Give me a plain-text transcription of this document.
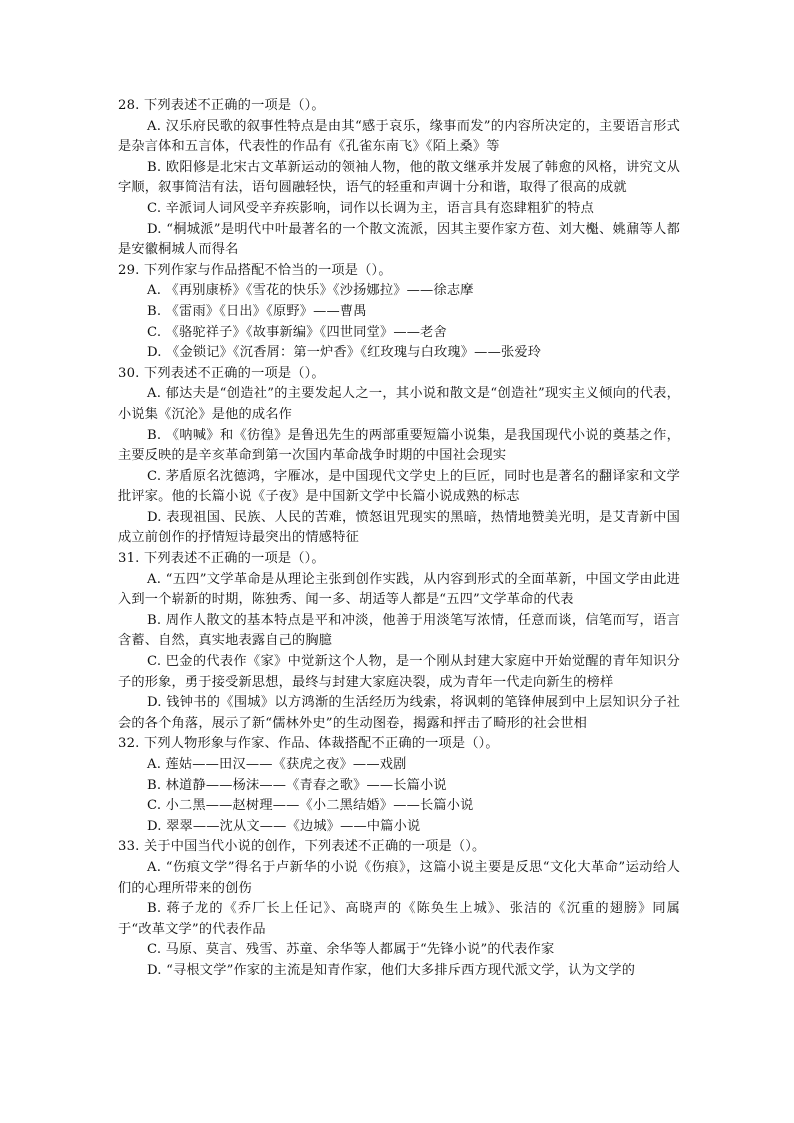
28. 下列表述不正确的一项是（）。

A. 汉乐府民歌的叙事性特点是由其“感于哀乐，缘事而发”的内容所决定的，主要语言形式是杂言体和五言体，代表性的作品有《孔雀东南飞》《陌上桑》等

B. 欧阳修是北宋古文革新运动的领袖人物，他的散文继承并发展了韩愈的风格，讲究文从字顺，叙事简洁有法，语句圆融轻快，语气的轻重和声调十分和谐，取得了很高的成就

C. 辛派词人词风受辛弃疾影响，词作以长调为主，语言具有恣肆粗犷的特点

D. “桐城派”是明代中叶最著名的一个散文流派，因其主要作家方苞、刘大櫆、姚鼐等人都是安徽桐城人而得名

29. 下列作家与作品搭配不恰当的一项是（）。

A. 《再别康桥》《雪花的快乐》《沙扬娜拉》——徐志摩

B. 《雷雨》《日出》《原野》——曹禺

C. 《骆驼祥子》《故事新编》《四世同堂》——老舍

D. 《金锁记》《沉香屑：第一炉香》《红玫瑰与白玫瑰》——张爱玲

30. 下列表述不正确的一项是（）。

A. 郁达夫是“创造社”的主要发起人之一，其小说和散文是“创造社”现实主义倾向的代表，小说集《沉沦》是他的成名作

B. 《呐喊》和《彷徨》是鲁迅先生的两部重要短篇小说集，是我国现代小说的奠基之作，主要反映的是辛亥革命到第一次国内革命战争时期的中国社会现实

C. 茅盾原名沈德鸿，字雁冰，是中国现代文学史上的巨匠，同时也是著名的翻译家和文学批评家。他的长篇小说《子夜》是中国新文学中长篇小说成熟的标志

D. 表现祖国、民族、人民的苦难，愤怒诅咒现实的黑暗，热情地赞美光明，是艾青新中国成立前创作的抒情短诗最突出的情感特征

31. 下列表述不正确的一项是（）。

A. “五四”文学革命是从理论主张到创作实践，从内容到形式的全面革新，中国文学由此进入到一个崭新的时期，陈独秀、闻一多、胡适等人都是“五四”文学革命的代表

B. 周作人散文的基本特点是平和冲淡，他善于用淡笔写浓情，任意而谈，信笔而写，语言含蓄、自然，真实地表露自己的胸臆

C. 巴金的代表作《家》中觉新这个人物，是一个刚从封建大家庭中开始觉醒的青年知识分子的形象，勇于接受新思想，最终与封建大家庭决裂，成为青年一代走向新生的榜样

D. 钱钟书的《围城》以方鸿渐的生活经历为线索，将讽刺的笔锋伸展到中上层知识分子社会的各个角落，展示了新“儒林外史”的生动图卷，揭露和抨击了畸形的社会世相

32. 下列人物形象与作家、作品、体裁搭配不正确的一项是（）。

A. 莲姑——田汉——《获虎之夜》——戏剧

B. 林道静——杨沫——《青春之歌》——长篇小说

C. 小二黑——赵树理——《小二黑结婚》——长篇小说

D. 翠翠——沈从文——《边城》——中篇小说

33. 关于中国当代小说的创作，下列表述不正确的一项是（）。

A. “伤痕文学”得名于卢新华的小说《伤痕》，这篇小说主要是反思“文化大革命”运动给人们的心理所带来的创伤

B. 蒋子龙的《乔厂长上任记》、高晓声的《陈奂生上城》、张洁的《沉重的翅膀》同属于“改革文学”的代表作品

C. 马原、莫言、残雪、苏童、余华等人都属于“先锋小说”的代表作家

D. “寻根文学”作家的主流是知青作家，他们大多排斥西方现代派文学，认为文学的
